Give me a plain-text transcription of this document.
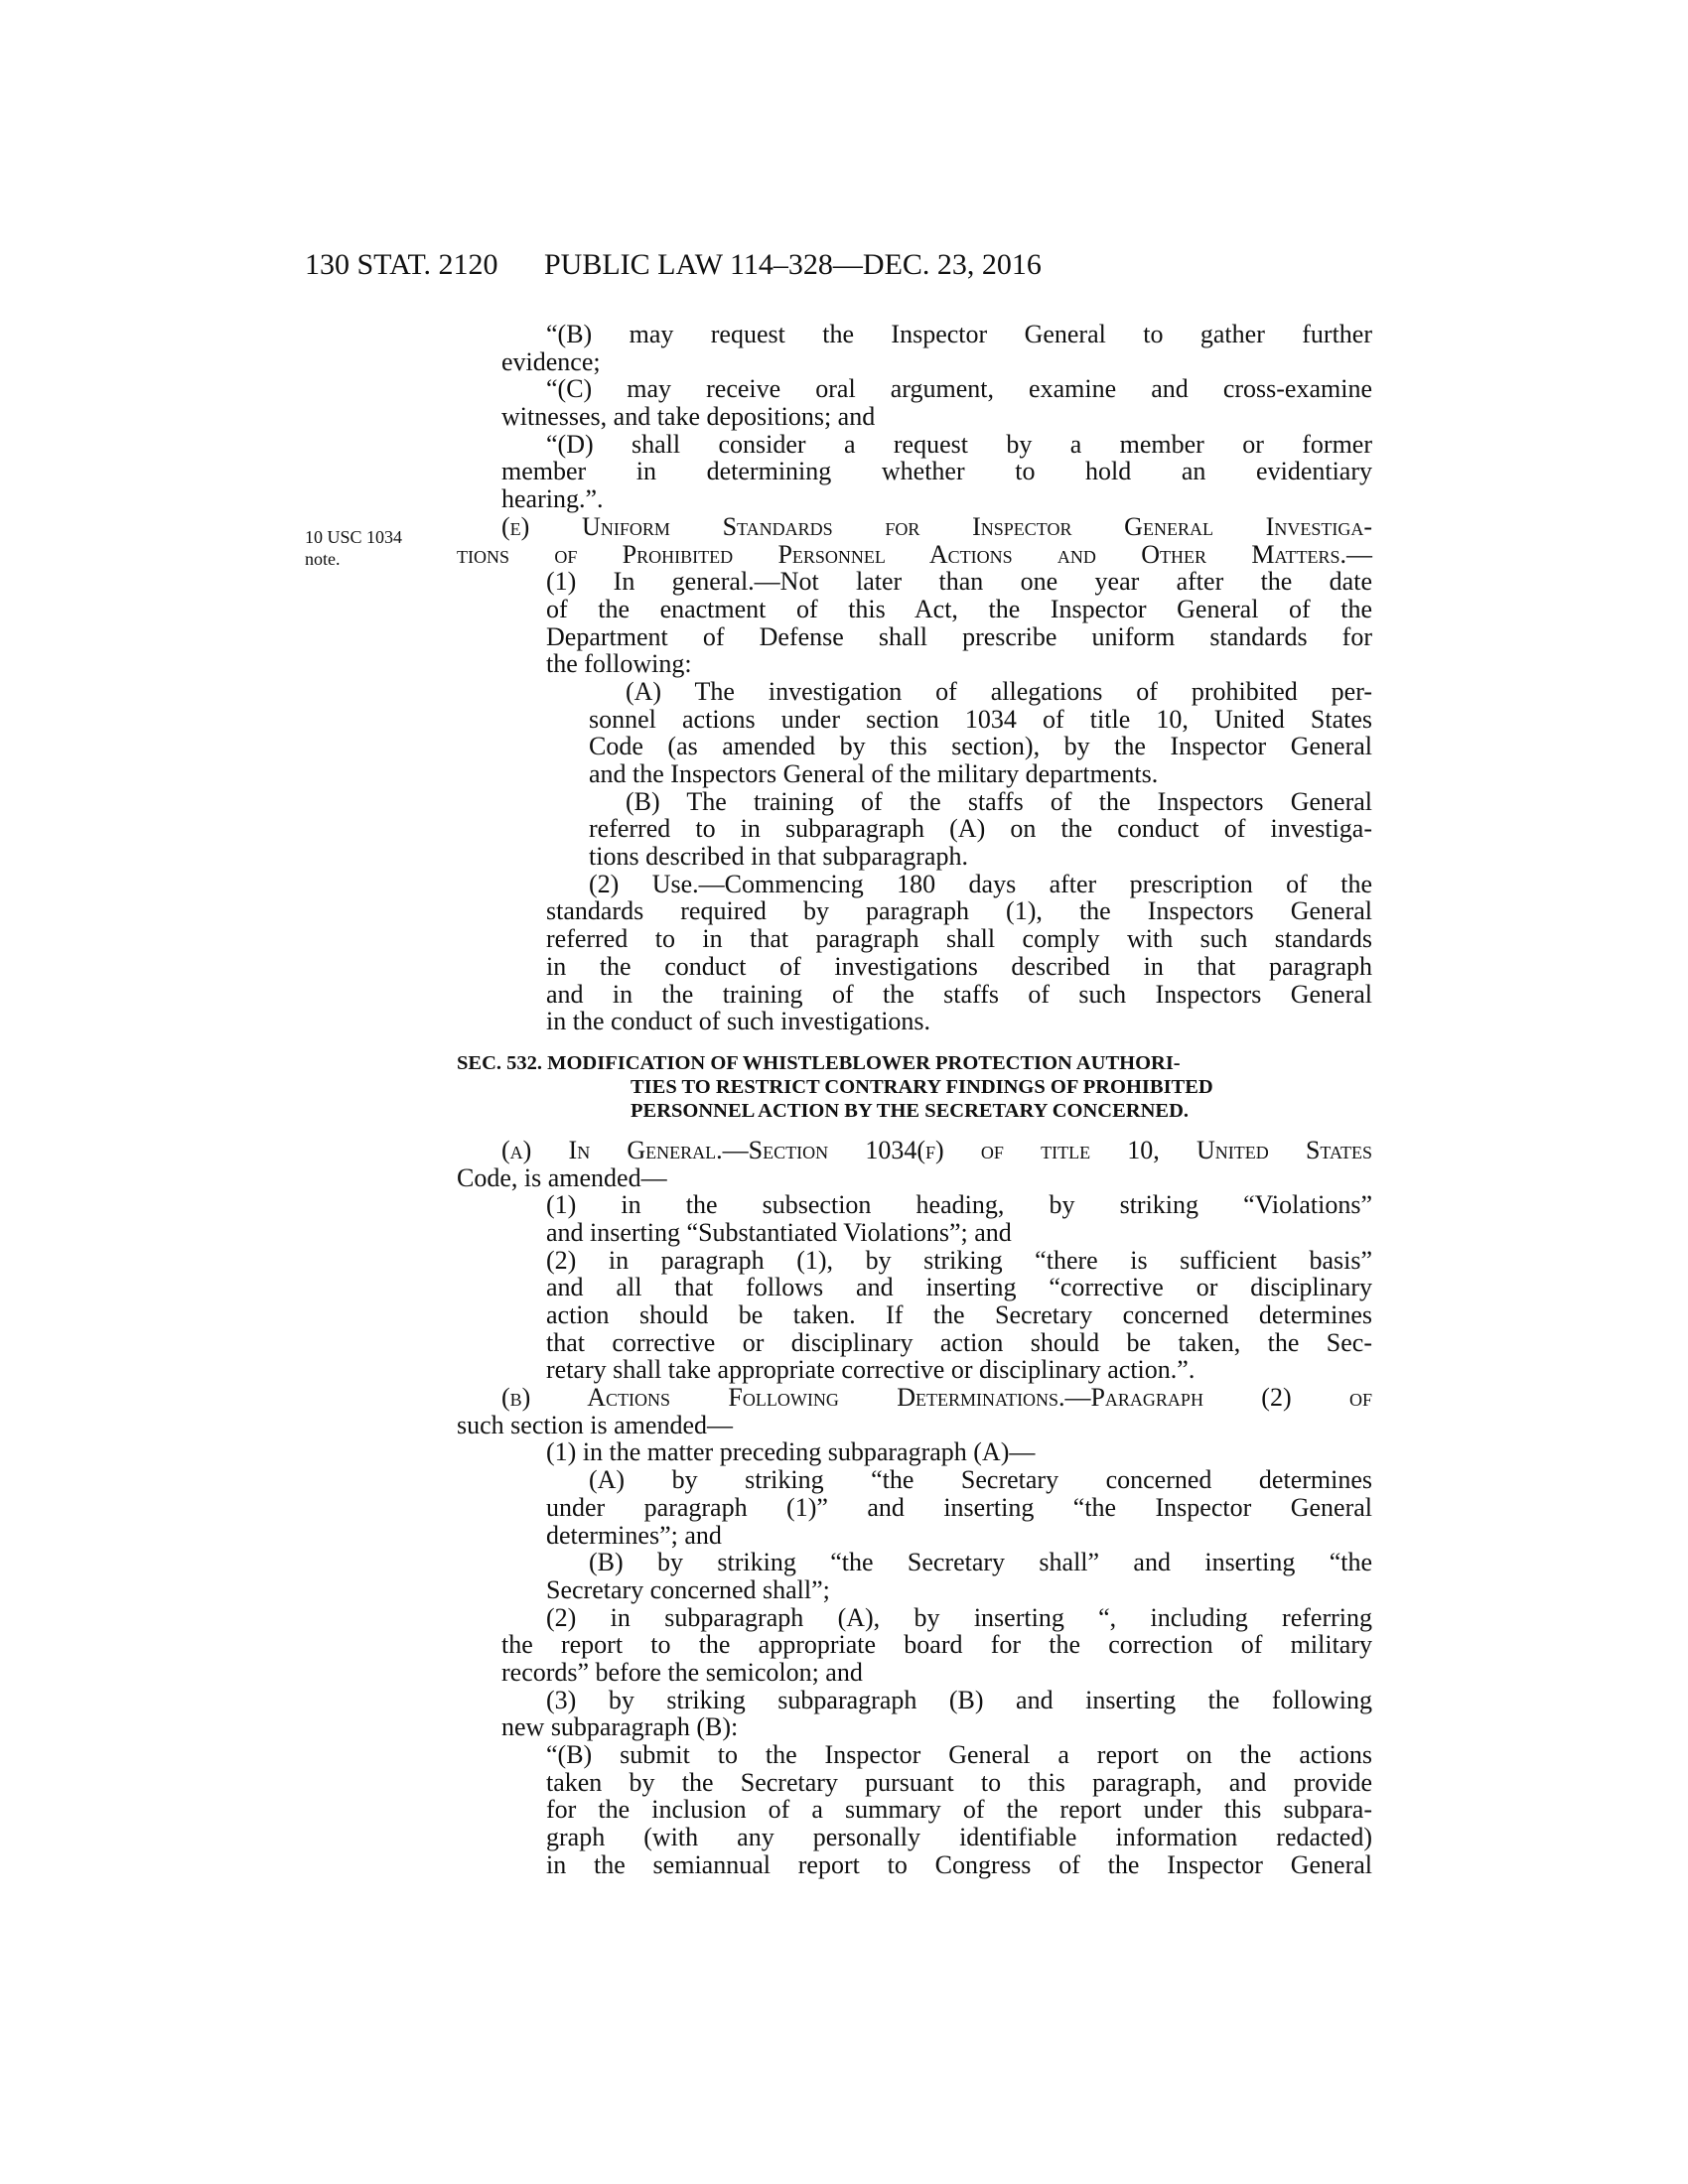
130 STAT. 2120 PUBLIC LAW 114–328—DEC. 23, 2016
10 USC 1034
note.
“(B) may request the Inspector General to gather further
evidence;
“(C) may receive oral argument, examine and cross-examine
witnesses, and take depositions; and
“(D) shall consider a request by a member or former
member in determining whether to hold an evidentiary
hearing.”.
(e) Uniform Standards for Inspector General Investiga-
tions of Prohibited Personnel Actions and Other Matters.—
(1) In general.—Not later than one year after the date
of the enactment of this Act, the Inspector General of the
Department of Defense shall prescribe uniform standards for
the following:
(A) The investigation of allegations of prohibited per-
sonnel actions under section 1034 of title 10, United States
Code (as amended by this section), by the Inspector General
and the Inspectors General of the military departments.
(B) The training of the staffs of the Inspectors General
referred to in subparagraph (A) on the conduct of investiga-
tions described in that subparagraph.
(2) Use.—Commencing 180 days after prescription of the
standards required by paragraph (1), the Inspectors General
referred to in that paragraph shall comply with such standards
in the conduct of investigations described in that paragraph
and in the training of the staffs of such Inspectors General
in the conduct of such investigations.
SEC. 532. MODIFICATION OF WHISTLEBLOWER PROTECTION AUTHORI-
TIES TO RESTRICT CONTRARY FINDINGS OF PROHIBITED
PERSONNEL ACTION BY THE SECRETARY CONCERNED.
(a) In General.—Section 1034(f) of title 10, United States
Code, is amended—
(1) in the subsection heading, by striking “Violations”
and inserting “Substantiated Violations”; and
(2) in paragraph (1), by striking “there is sufficient basis”
and all that follows and inserting “corrective or disciplinary
action should be taken. If the Secretary concerned determines
that corrective or disciplinary action should be taken, the Sec-
retary shall take appropriate corrective or disciplinary action.”.
(b) Actions Following Determinations.—Paragraph (2) of
such section is amended—
(1) in the matter preceding subparagraph (A)—
(A) by striking “the Secretary concerned determines
under paragraph (1)” and inserting “the Inspector General
determines”; and
(B) by striking “the Secretary shall” and inserting “the
Secretary concerned shall”;
(2) in subparagraph (A), by inserting “, including referring
the report to the appropriate board for the correction of military
records” before the semicolon; and
(3) by striking subparagraph (B) and inserting the following
new subparagraph (B):
“(B) submit to the Inspector General a report on the actions
taken by the Secretary pursuant to this paragraph, and provide
for the inclusion of a summary of the report under this subpara-
graph (with any personally identifiable information redacted)
in the semiannual report to Congress of the Inspector General
